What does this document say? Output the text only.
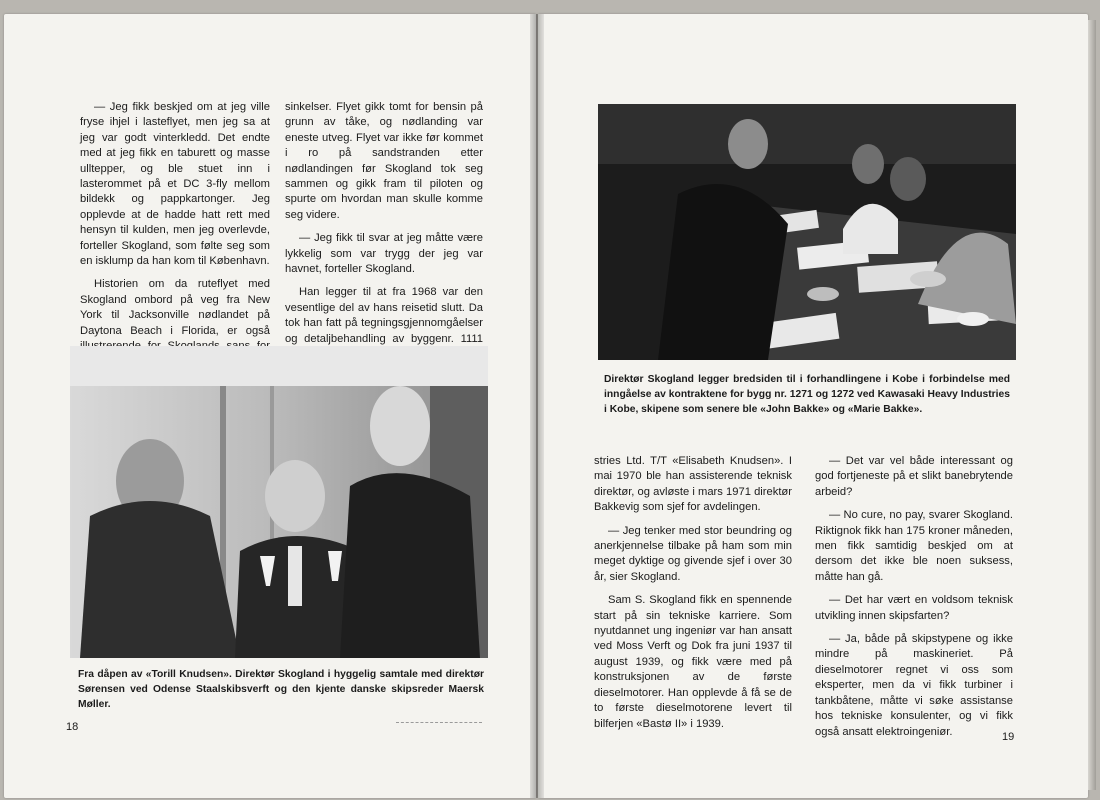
— Jeg fikk beskjed om at jeg ville fryse ihjel i lasteflyet, men jeg sa at jeg var godt vinterkledd. Det endte med at jeg fikk en taburett og masse ulltepper, og ble stuet inn i lasterommet på et DC 3-fly mellom bildekk og pappkartonger. Jeg opplevde at de hadde hatt rett med hensyn til kulden, men jeg overlevde, forteller Skogland, som følte seg som en isklump da han kom til København.

Historien om da ruteflyet med Skogland ombord på veg fra New York til Jacksonville nødlandet på Daytona Beach i Florida, er også

sinkelser. Flyet gikk tomt for bensin på grunn av tåke, og nødlanding var eneste utveg. Flyet var ikke før kommet i ro på sandstranden etter nødlandingen før Skogland tok seg sammen og gikk fram til piloten og spurte om hvordan man skulle komme seg videre.

— Jeg fikk til svar at jeg måtte være lykkelig som var trygg der jeg var havnet, forteller Skogland.

Han legger til at fra 1968 var den vesentlige del av hans reisetid slutt. Da tok han fatt på tegningsgjennomgåelser og detaljbehandling av byggenr. 1111

Fra dåpen av «Torill Knudsen». Direktør Skogland i hyggelig samtale med direktør Sørensen ved Odense Staalskibsverft og den kjente danske skipsreder Maersk Møller.

18

Direktør Skogland legger bredsiden til i forhandlingene i Kobe i forbindelse med inngåelse av kontraktene for bygg nr. 1271 og 1272 ved Kawasaki Heavy Industries i Kobe, skipene som senere ble «John Bakke» og «Marie Bakke».

stries Ltd. T/T «Elisabeth Knudsen». I mai 1970 ble han assisterende teknisk direktør, og avløste i mars 1971 direktør Bakkevig som sjef for avdelingen.

— Jeg tenker med stor beundring og anerkjennelse tilbake på ham som min meget dyktige og givende sjef i over 30 år, sier Skogland.

Sam S. Skogland fikk en spennende start på sin tekniske karriere. Som nyutdannet ung ingeniør var han ansatt ved Moss Verft og Dok fra juni 1937 til august 1939, og fikk være med på konstruksjonen av de første dieselmotorer. Han opplevde å få se de to første dieselmotorene levert til bilferjen «Bastø II» i 1939.

— Det var vel både interessant og god fortjeneste på et slikt banebrytende arbeid?

— No cure, no pay, svarer Skogland. Riktignok fikk han 175 kroner måneden, men fikk samtidig beskjed om at dersom det ikke ble noen suksess, måtte han gå.

— Det har vært en voldsom teknisk utvikling innen skipsfarten?

— Ja, både på skipstypene og ikke mindre på maskineriet. På dieselmotorer regnet vi oss som eksperter, men da vi fikk turbiner i tankbåtene, måtte vi søke assistanse hos tekniske konsulenter, og vi fikk også ansatt elektroingeniør.	19
